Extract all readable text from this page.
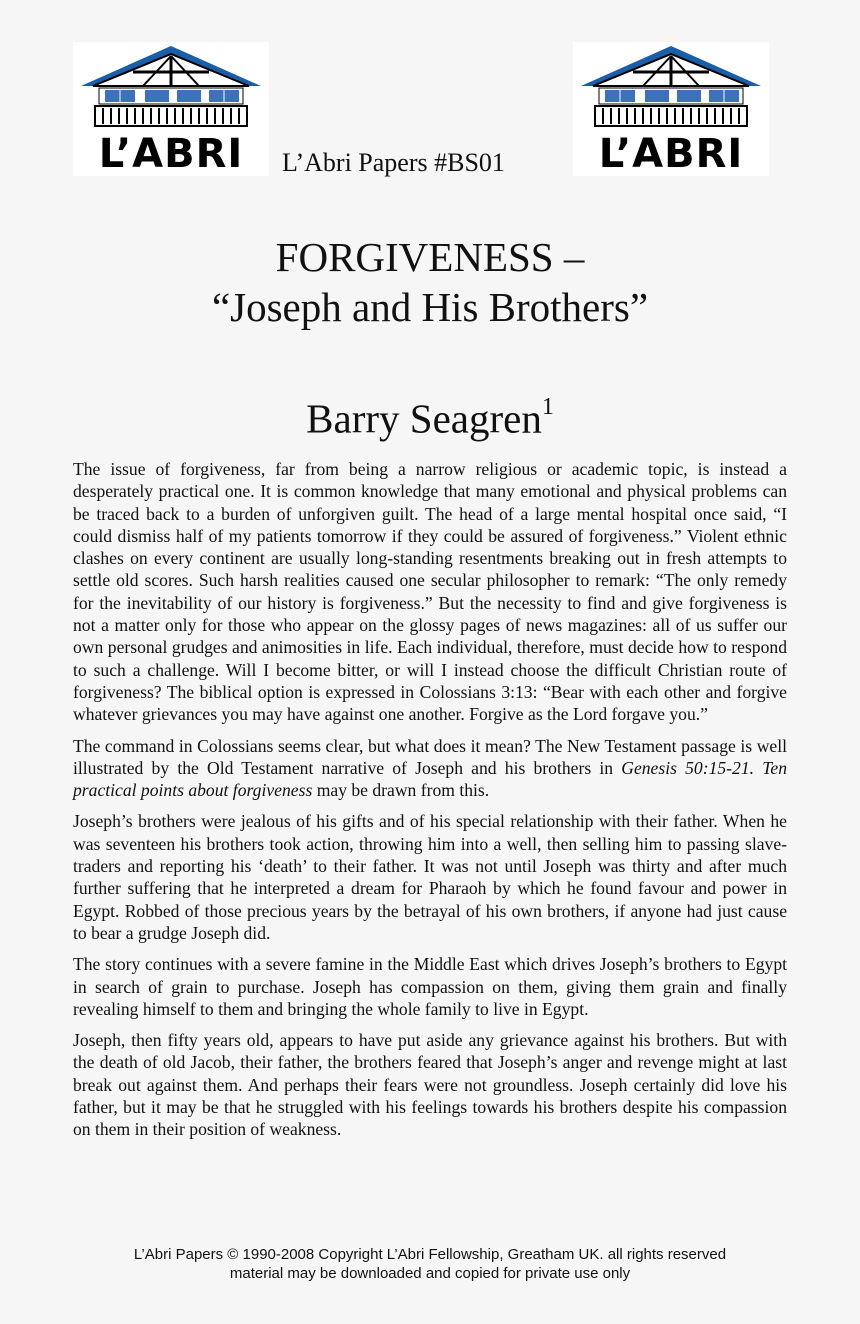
L’ABRI	L’Abri Papers #BS01	L’ABRI
FORGIVENESS –
“Joseph and His Brothers”
Barry Seagren$^1$

The issue of forgiveness, far from being a narrow religious or academic topic, is instead a desperately practical one. It is common knowledge that many emotional and physical problems can be traced back to a burden of unforgiven guilt. The head of a large mental hospital once said, “I could dismiss half of my patients tomorrow if they could be assured of forgiveness.” Violent ethnic clashes on every continent are usually long-standing resentments breaking out in fresh attempts to settle old scores. Such harsh realities caused one secular philosopher to remark: “The only remedy for the inevitability of our history is forgiveness.” But the necessity to find and give forgiveness is not a matter only for those who appear on the glossy pages of news magazines: all of us suffer our own personal grudges and animosities in life. Each individual, therefore, must decide how to respond to such a challenge. Will I become bitter, or will I instead choose the difficult Christian route of forgiveness? The biblical option is expressed in Colossians 3:13: “Bear with each other and forgive whatever grievances you may have against one another. Forgive as the Lord forgave you.”

The command in Colossians seems clear, but what does it mean? The New Testament passage is well illustrated by the Old Testament narrative of Joseph and his brothers in Genesis 50:15-21. Ten practical points about forgiveness may be drawn from this.

Joseph’s brothers were jealous of his gifts and of his special relationship with their father. When he was seventeen his brothers took action, throwing him into a well, then selling him to passing slave-traders and reporting his ‘death’ to their father. It was not until Joseph was thirty and after much further suffering that he interpreted a dream for Pharaoh by which he found favour and power in Egypt. Robbed of those precious years by the betrayal of his own brothers, if anyone had just cause to bear a grudge Joseph did.

The story continues with a severe famine in the Middle East which drives Joseph’s brothers to Egypt in search of grain to purchase. Joseph has compassion on them, giving them grain and finally revealing himself to them and bringing the whole family to live in Egypt.

Joseph, then fifty years old, appears to have put aside any grievance against his brothers. But with the death of old Jacob, their father, the brothers feared that Joseph’s anger and revenge might at last break out against them. And perhaps their fears were not groundless. Joseph certainly did love his father, but it may be that he struggled with his feelings towards his brothers despite his compassion on them in their position of weakness.

L’Abri Papers © 1990-2008 Copyright L’Abri Fellowship, Greatham UK. all rights reserved
material may be downloaded and copied for private use only
